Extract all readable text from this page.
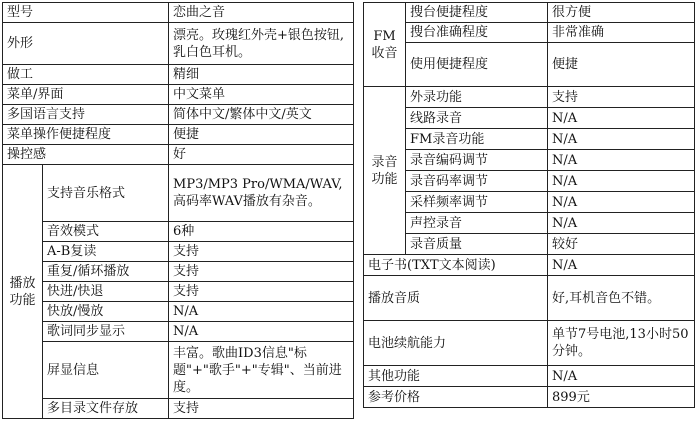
型号		恋曲之音
外形		漂亮。玫瑰红外壳+银色按钮,乳白色耳机。
做工		精细
菜单/界面		中文菜单
多国语言支持		简体中文/繁体中文/英文
菜单操作便捷程度		便捷
操控感		好
播放功能	支持音乐格式	MP3/MP3 Pro/WMA/WAV,高码率WAV播放有杂音。
	音效模式	6种
	A-B复读	支持
	重复/循环播放	支持
	快进/快退	支持
	快放/慢放	N/A
	歌词同步显示	N/A
	屏显信息	丰富。歌曲ID3信息"标题"+"歌手"+"专辑"、当前进度。
	多目录文件存放	支持
FM收音	搜台便捷程度	很方便
	搜台准确程度	非常准确
	使用便捷程度	便捷
录音功能	外录功能	支持
	线路录音	N/A
	FM录音功能	N/A
	录音编码调节	N/A
	录音码率调节	N/A
	采样频率调节	N/A
	声控录音	N/A
	录音质量	较好
电子书(TXT文本阅读)		N/A
播放音质		好,耳机音色不错。
电池续航能力		单节7号电池,13小时50分钟。
其他功能		N/A
参考价格		899元
